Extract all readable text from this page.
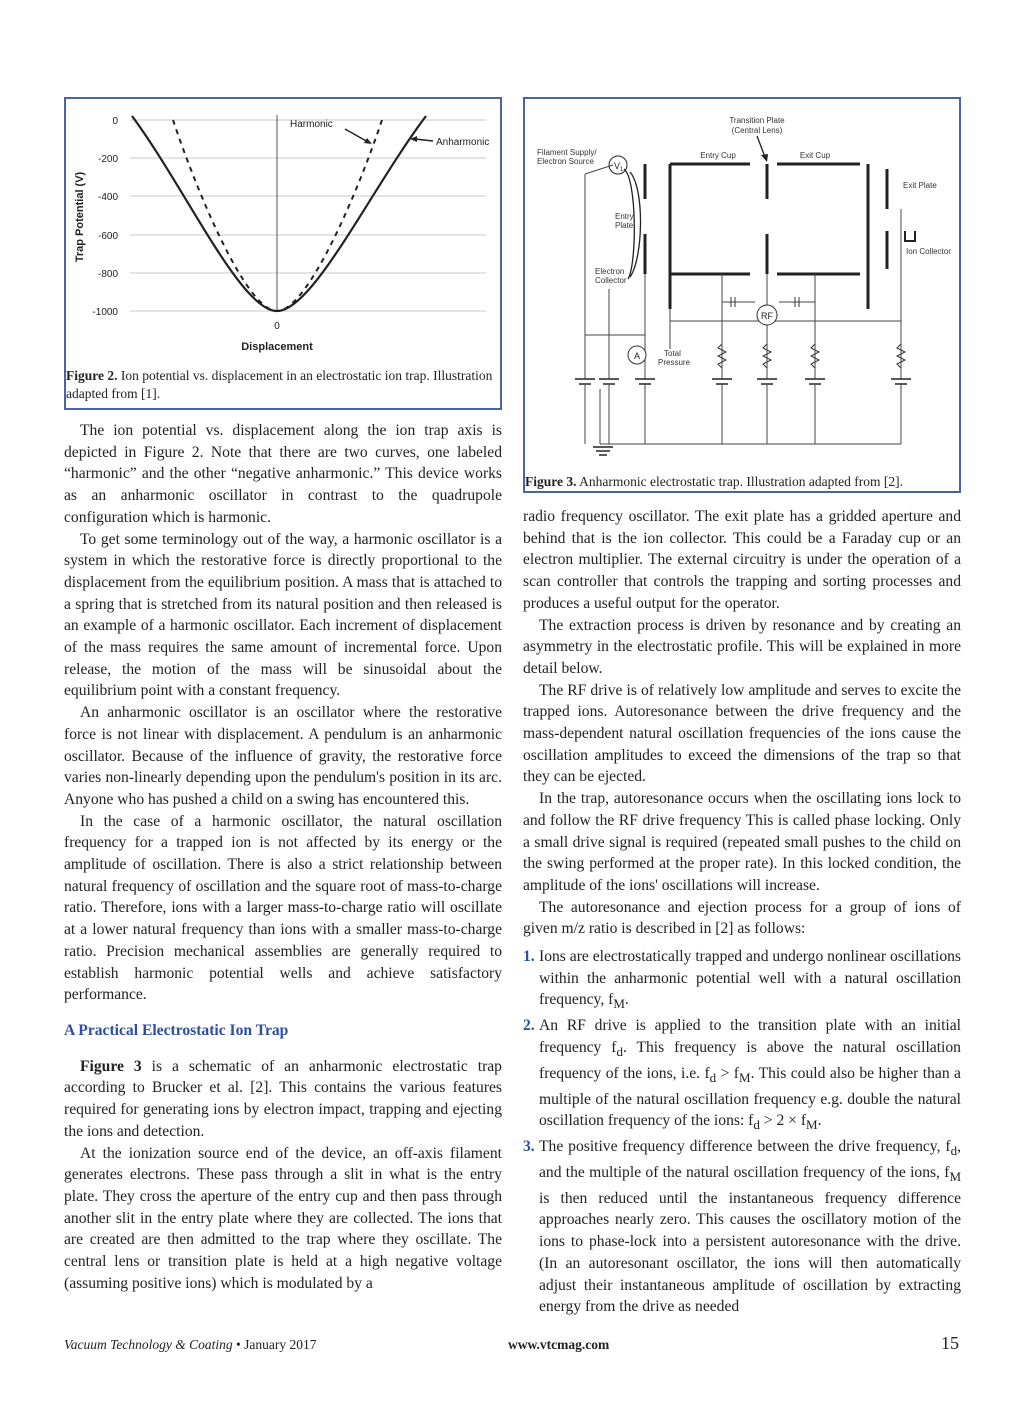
0
-200
-400
-600
-800
-1000
Trap Potential (V)
0
Displacement
Harmonic
Anharmonic
Figure 2. Ion potential vs. displacement in an electrostatic ion trap. Illustration adapted from [1].
Transition Plate
(Central Lens)
Entry Cup	Exit Cup
Filament Supply/
Electron Source
Exit Plate
Entry
Plate
Ion Collector
Electron
Collector
Total
Pressure
$V_1$
RF
A
Figure 3. Anharmonic electrostatic trap. Illustration adapted from [2].

The ion potential vs. displacement along the ion trap axis is depicted in Figure 2. Note that there are two curves, one labeled “harmonic” and the other “negative anharmonic.” This device works as an anharmonic oscillator in contrast to the quadrupole configuration which is harmonic.

To get some terminology out of the way, a harmonic oscillator is a system in which the restorative force is directly proportional to the displacement from the equilibrium position. A mass that is attached to a spring that is stretched from its natural position and then released is an example of a harmonic oscillator. Each increment of displacement of the mass requires the same amount of incremental force. Upon release, the motion of the mass will be sinusoidal about the equilibrium point with a constant frequency.

An anharmonic oscillator is an oscillator where the restorative force is not linear with displacement. A pendulum is an anharmonic oscillator. Because of the influence of gravity, the restorative force varies non-linearly depending upon the pendulum's position in its arc. Anyone who has pushed a child on a swing has encountered this.

In the case of a harmonic oscillator, the natural oscillation frequency for a trapped ion is not affected by its energy or the amplitude of oscillation. There is also a strict relationship between natural frequency of oscillation and the square root of mass-to-charge ratio. Therefore, ions with a larger mass-to-charge ratio will oscillate at a lower natural frequency than ions with a smaller mass-to-charge ratio. Precision mechanical assemblies are generally required to establish harmonic potential wells and achieve satisfactory performance.

A Practical Electrostatic Ion Trap

Figure 3 is a schematic of an anharmonic electrostatic trap according to Brucker et al. [2]. This contains the various features required for generating ions by electron impact, trapping and ejecting the ions and detection.

At the ionization source end of the device, an off-axis filament generates electrons. These pass through a slit in what is the entry plate. They cross the aperture of the entry cup and then pass through another slit in the entry plate where they are collected. The ions that are created are then admitted to the trap where they oscillate. The central lens or transition plate is held at a high negative voltage (assuming positive ions) which is modulated by a

radio frequency oscillator. The exit plate has a gridded aperture and behind that is the ion collector. This could be a Faraday cup or an electron multiplier. The external circuitry is under the operation of a scan controller that controls the trapping and sorting processes and produces a useful output for the operator.

The extraction process is driven by resonance and by creating an asymmetry in the electrostatic profile. This will be explained in more detail below.

The RF drive is of relatively low amplitude and serves to excite the trapped ions. Autoresonance between the drive frequency and the mass-dependent natural oscillation frequencies of the ions cause the oscillation amplitudes to exceed the dimensions of the trap so that they can be ejected.

In the trap, autoresonance occurs when the oscillating ions lock to and follow the RF drive frequency This is called phase locking. Only a small drive signal is required (repeated small pushes to the child on the swing performed at the proper rate). In this locked condition, the amplitude of the ions' oscillations will increase.

The autoresonance and ejection process for a group of ions of given m/z ratio is described in [2] as follows:

1. Ions are electrostatically trapped and undergo nonlinear oscillations within the anharmonic potential well with a natural oscillation frequency, $f_M$.
2. An RF drive is applied to the transition plate with an initial frequency $f_d$. This frequency is above the natural oscillation frequency of the ions, i.e. $f_d > f_M$. This could also be higher than a multiple of the natural oscillation frequency e.g. double the natural oscillation frequency of the ions: $f_d > 2 \times f_M$.
3. The positive frequency difference between the drive frequency, $f_d$, and the multiple of the natural oscillation frequency of the ions, $f_M$ is then reduced until the instantaneous frequency difference approaches nearly zero. This causes the oscillatory motion of the ions to phase-lock into a persistent autoresonance with the drive. (In an autoresonant oscillator, the ions will then automatically adjust their instantaneous amplitude of oscillation by extracting energy from the drive as needed
Vacuum Technology & Coating • January 2017	www.vtcmag.com	15
